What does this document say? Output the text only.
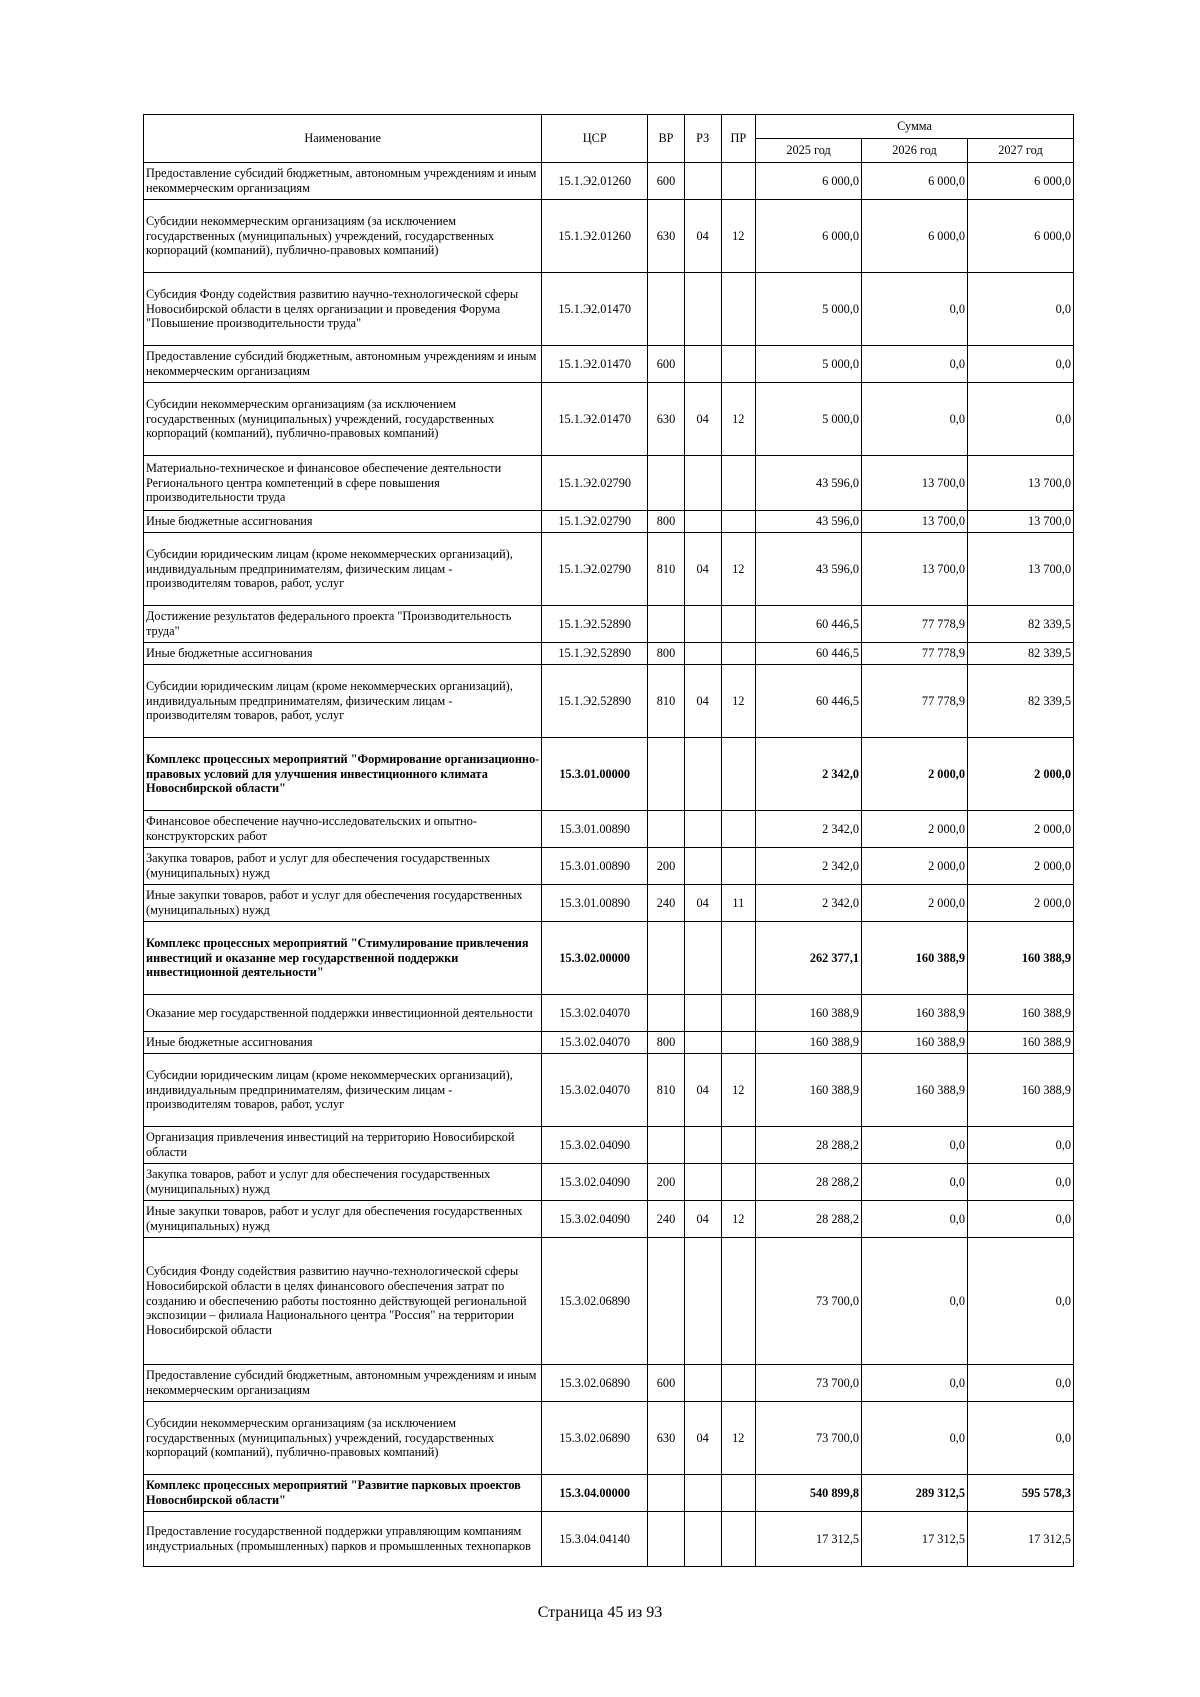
Наименование	ЦСР	ВР	РЗ	ПР	Сумма		
					2025 год	2026 год	2027 год
Предоставление субсидий бюджетным, автономным учреждениям и иным некоммерческим организациям	15.1.Э2.01260	600			6 000,0	6 000,0	6 000,0
Субсидии некоммерческим организациям (за исключением государственных (муниципальных) учреждений, государственных корпораций (компаний), публично-правовых компаний)	15.1.Э2.01260	630	04	12	6 000,0	6 000,0	6 000,0
Субсидия Фонду содействия развитию научно-технологической сферы Новосибирской области в целях организации и проведения Форума "Повышение производительности труда"	15.1.Э2.01470				5 000,0	0,0	0,0
Предоставление субсидий бюджетным, автономным учреждениям и иным некоммерческим организациям	15.1.Э2.01470	600			5 000,0	0,0	0,0
Субсидии некоммерческим организациям (за исключением государственных (муниципальных) учреждений, государственных корпораций (компаний), публично-правовых компаний)	15.1.Э2.01470	630	04	12	5 000,0	0,0	0,0
Материально-техническое и финансовое обеспечение деятельности Регионального центра компетенций в сфере повышения производительности труда	15.1.Э2.02790				43 596,0	13 700,0	13 700,0
Иные бюджетные ассигнования	15.1.Э2.02790	800			43 596,0	13 700,0	13 700,0
Субсидии юридическим лицам (кроме некоммерческих организаций), индивидуальным предпринимателям, физическим лицам - производителям товаров, работ, услуг	15.1.Э2.02790	810	04	12	43 596,0	13 700,0	13 700,0
Достижение результатов федерального проекта "Производительность труда"	15.1.Э2.52890				60 446,5	77 778,9	82 339,5
Иные бюджетные ассигнования	15.1.Э2.52890	800			60 446,5	77 778,9	82 339,5
Субсидии юридическим лицам (кроме некоммерческих организаций), индивидуальным предпринимателям, физическим лицам - производителям товаров, работ, услуг	15.1.Э2.52890	810	04	12	60 446,5	77 778,9	82 339,5
Комплекс процессных мероприятий "Формирование организационно-правовых условий для улучшения инвестиционного климата Новосибирской области"	15.3.01.00000				2 342,0	2 000,0	2 000,0
Финансовое обеспечение научно-исследовательских и опытно-конструкторских работ	15.3.01.00890				2 342,0	2 000,0	2 000,0
Закупка товаров, работ и услуг для обеспечения государственных (муниципальных) нужд	15.3.01.00890	200			2 342,0	2 000,0	2 000,0
Иные закупки товаров, работ и услуг для обеспечения государственных (муниципальных) нужд	15.3.01.00890	240	04	11	2 342,0	2 000,0	2 000,0
Комплекс процессных мероприятий "Стимулирование привлечения инвестиций и оказание мер государственной поддержки инвестиционной деятельности"	15.3.02.00000				262 377,1	160 388,9	160 388,9
Оказание мер государственной поддержки инвестиционной деятельности	15.3.02.04070				160 388,9	160 388,9	160 388,9
Иные бюджетные ассигнования	15.3.02.04070	800			160 388,9	160 388,9	160 388,9
Субсидии юридическим лицам (кроме некоммерческих организаций), индивидуальным предпринимателям, физическим лицам - производителям товаров, работ, услуг	15.3.02.04070	810	04	12	160 388,9	160 388,9	160 388,9
Организация привлечения инвестиций на территорию Новосибирской области	15.3.02.04090				28 288,2	0,0	0,0
Закупка товаров, работ и услуг для обеспечения государственных (муниципальных) нужд	15.3.02.04090	200			28 288,2	0,0	0,0
Иные закупки товаров, работ и услуг для обеспечения государственных (муниципальных) нужд	15.3.02.04090	240	04	12	28 288,2	0,0	0,0
Субсидия Фонду содействия развитию научно-технологической сферы Новосибирской области в целях финансового обеспечения затрат по созданию и обеспечению работы постоянно действующей региональной экспозиции – филиала Национального центра "Россия" на территории Новосибирской области	15.3.02.06890				73 700,0	0,0	0,0
Предоставление субсидий бюджетным, автономным учреждениям и иным некоммерческим организациям	15.3.02.06890	600			73 700,0	0,0	0,0
Субсидии некоммерческим организациям (за исключением государственных (муниципальных) учреждений, государственных корпораций (компаний), публично-правовых компаний)	15.3.02.06890	630	04	12	73 700,0	0,0	0,0
Комплекс процессных мероприятий "Развитие парковых проектов Новосибирской области"	15.3.04.00000				540 899,8	289 312,5	595 578,3
Предоставление государственной поддержки управляющим компаниям индустриальных (промышленных) парков и промышленных технопарков	15.3.04.04140				17 312,5	17 312,5	17 312,5
Страница 45 из 93
